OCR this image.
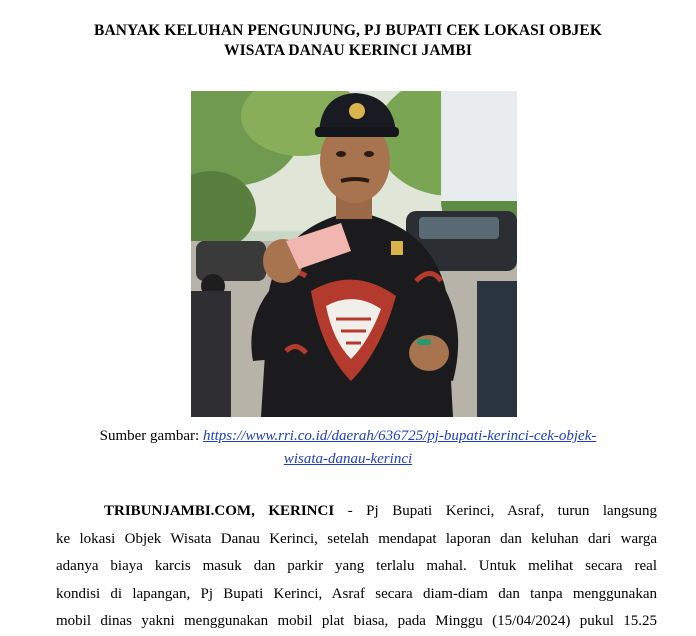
BANYAK KELUHAN PENGUNJUNG, PJ BUPATI CEK LOKASI OBJEK
WISATA DANAU KERINCI JAMBI
Sumber gambar: https://www.rri.co.id/daerah/636725/pj-bupati-kerinci-cek-objek-
wisata-danau-kerinci
TRIBUNJAMBI.COM, KERINCI - Pj Bupati Kerinci, Asraf, turun langsung
ke lokasi Objek Wisata Danau Kerinci, setelah mendapat laporan dan keluhan dari warga
adanya biaya karcis masuk dan parkir yang terlalu mahal. Untuk melihat secara real
kondisi di lapangan, Pj Bupati Kerinci, Asraf secara diam-diam dan tanpa menggunakan
mobil dinas yakni menggunakan mobil plat biasa, pada Minggu (15/04/2024) pukul 15.25
